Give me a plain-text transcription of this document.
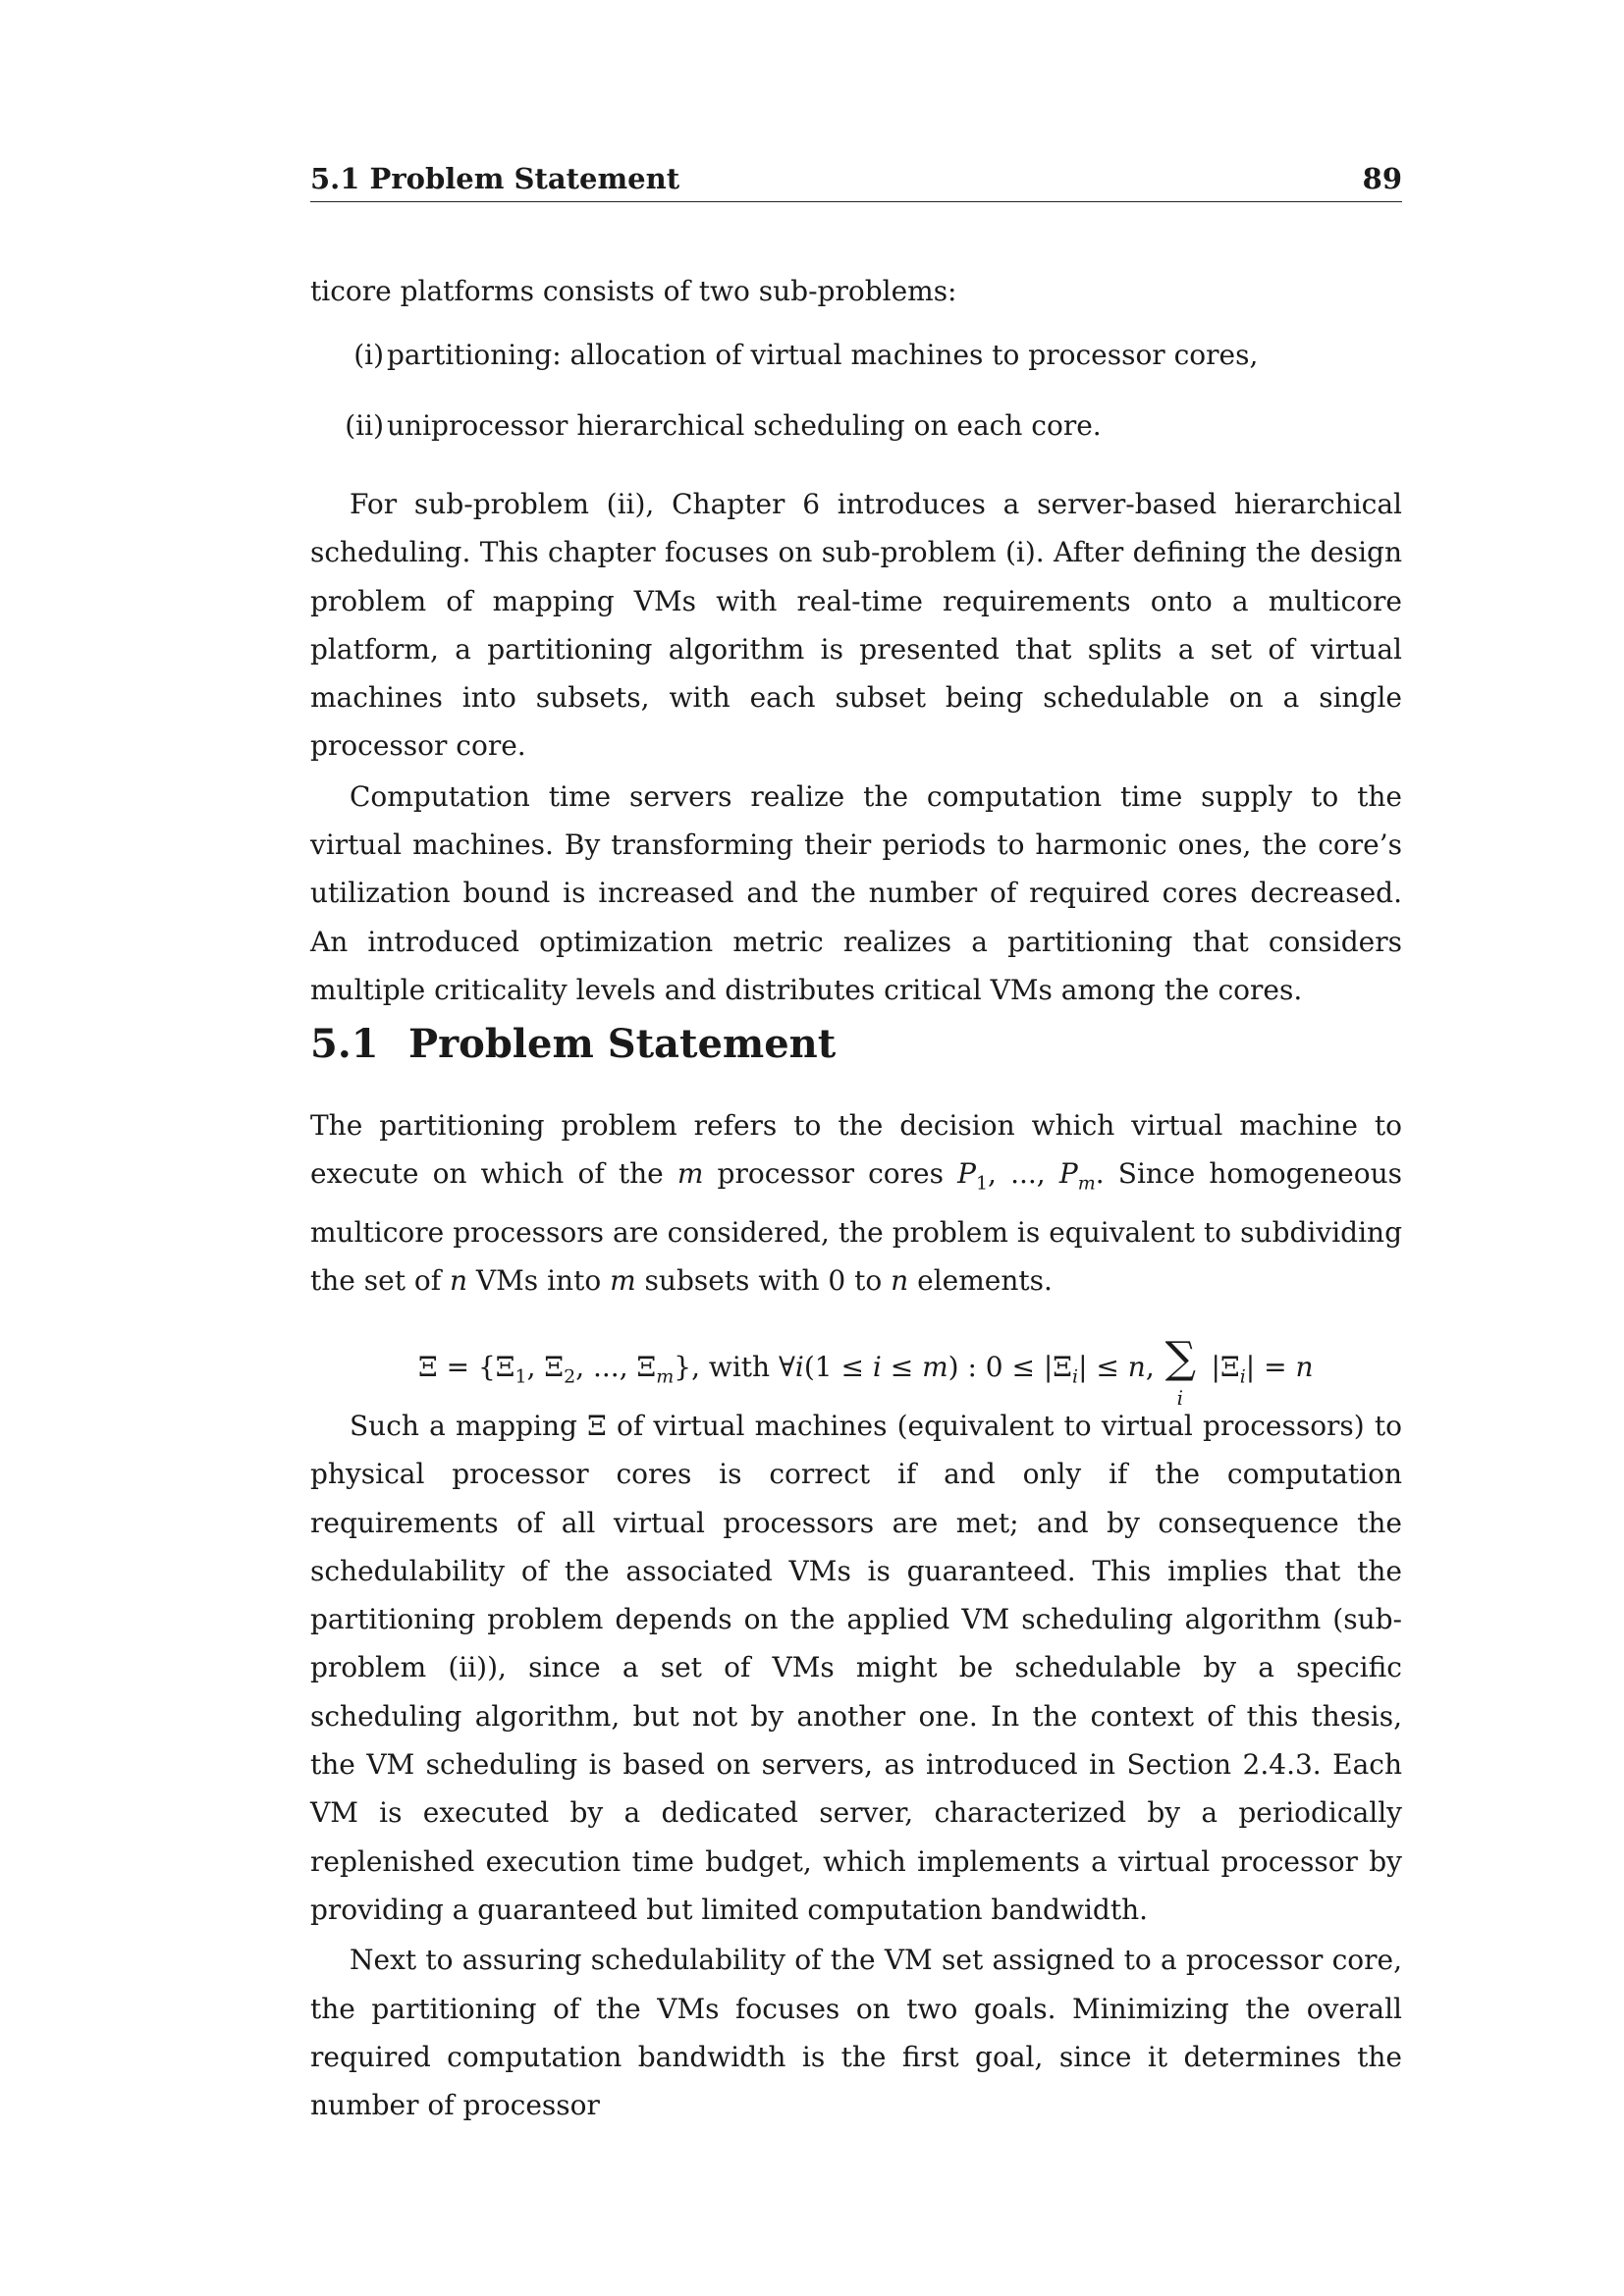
5.1 Problem Statement	89

ticore platforms consists of two sub-problems:

(i) partitioning: allocation of virtual machines to processor cores,
(ii) uniprocessor hierarchical scheduling on each core.

For sub-problem (ii), Chapter 6 introduces a server-based hierarchical scheduling. This chapter focuses on sub-problem (i). After defining the design problem of mapping VMs with real-time requirements onto a multicore platform, a partitioning algorithm is presented that splits a set of virtual machines into subsets, with each subset being schedulable on a single processor core.

Computation time servers realize the computation time supply to the virtual machines. By transforming their periods to harmonic ones, the core’s utilization bound is increased and the number of required cores decreased. An introduced optimization metric realizes a partitioning that considers multiple criticality levels and distributes critical VMs among the cores.

5.1 Problem Statement

The partitioning problem refers to the decision which virtual machine to execute on which of the m processor cores $P_1$, ..., $P_m$. Since homogeneous multicore processors are considered, the problem is equivalent to subdividing the set of n VMs into m subsets with 0 to n elements.

$\Xi = \{\Xi_1$, $\Xi_2$, ..., $\Xi_m$}, with ∀i(1 ≤ i ≤ m) : $0 \le |\Xi_i| \le n$, ∑
i
$|\Xi_i| = n$

Such a mapping Ξ of virtual machines (equivalent to virtual processors) to physical processor cores is correct if and only if the computation requirements of all virtual processors are met; and by consequence the schedulability of the associated VMs is guaranteed. This implies that the partitioning problem depends on the applied VM scheduling algorithm (sub-problem (ii)), since a set of VMs might be schedulable by a specific scheduling algorithm, but not by another one. In the context of this thesis, the VM scheduling is based on servers, as introduced in Section 2.4.3. Each VM is executed by a dedicated server, characterized by a periodically replenished execution time budget, which implements a virtual processor by providing a guaranteed but limited computation bandwidth.

Next to assuring schedulability of the VM set assigned to a processor core, the partitioning of the VMs focuses on two goals. Minimizing the overall required computation bandwidth is the first goal, since it determines the number of processor
